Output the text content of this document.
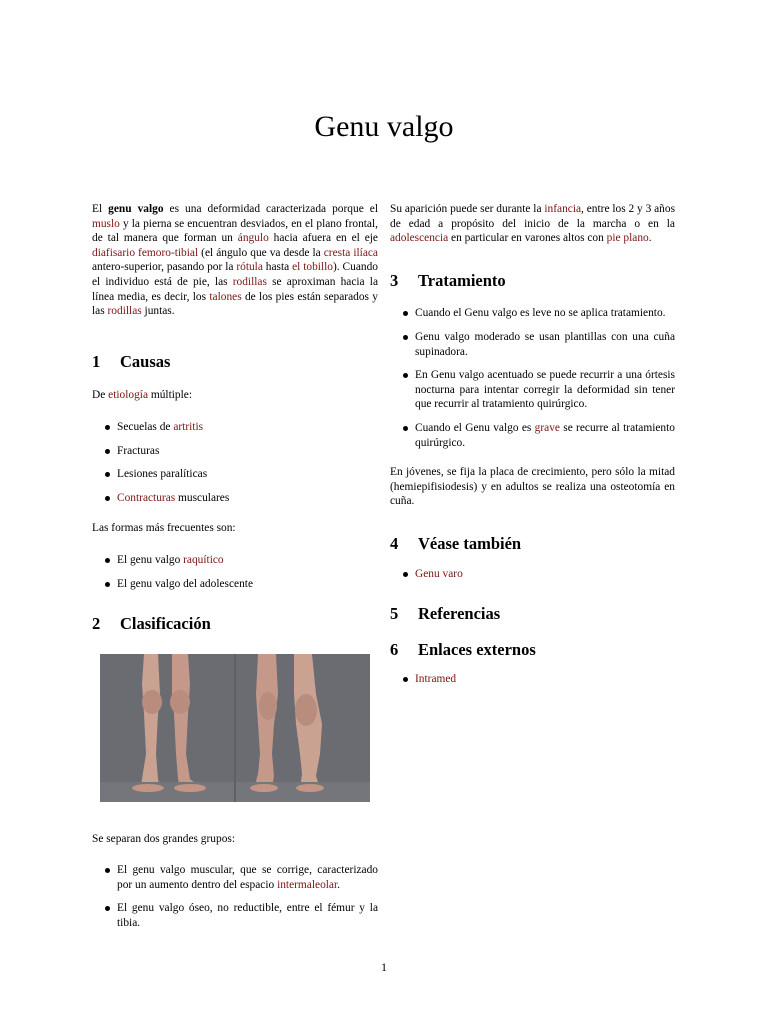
Genu valgo

El genu valgo es una deformidad caracterizada porque el muslo y la pierna se encuentran desviados, en el plano frontal, de tal manera que forman un ángulo hacia afuera en el eje diafisario femoro-tibial (el ángulo que va desde la cresta ilíaca antero-superior, pasando por la rótula hasta el tobillo). Cuando el individuo está de pie, las rodillas se aproximan hacia la línea media, es decir, los talones de los pies están separados y las rodillas juntas.

1	Causas

De etiología múltiple:

Secuelas de artritis
Fracturas
Lesiones paralíticas
Contracturas musculares

Las formas más frecuentes son:

El genu valgo raquítico
El genu valgo del adolescente
2	Clasificación

Se separan dos grandes grupos:

El genu valgo muscular, que se corrige, caracterizado por un aumento dentro del espacio intermaleolar.
El genu valgo óseo, no reductible, entre el fémur y la tibia.

Su aparición puede ser durante la infancia, entre los 2 y 3 años de edad a propósito del inicio de la marcha o en la adolescencia en particular en varones altos con pie plano.

3	Tratamiento
Cuando el Genu valgo es leve no se aplica tratamiento.
Genu valgo moderado se usan plantillas con una cuña supinadora.
En Genu valgo acentuado se puede recurrir a una órtesis nocturna para intentar corregir la deformidad sin tener que recurrir al tratamiento quirúrgico.
Cuando el Genu valgo es grave se recurre al tratamiento quirúrgico.

En jóvenes, se fija la placa de crecimiento, pero sólo la mitad (hemiepifisiodesis) y en adultos se realiza una osteotomía en cuña.

4	Véase también
Genu varo
5	Referencias
6	Enlaces externos
Intramed
1
